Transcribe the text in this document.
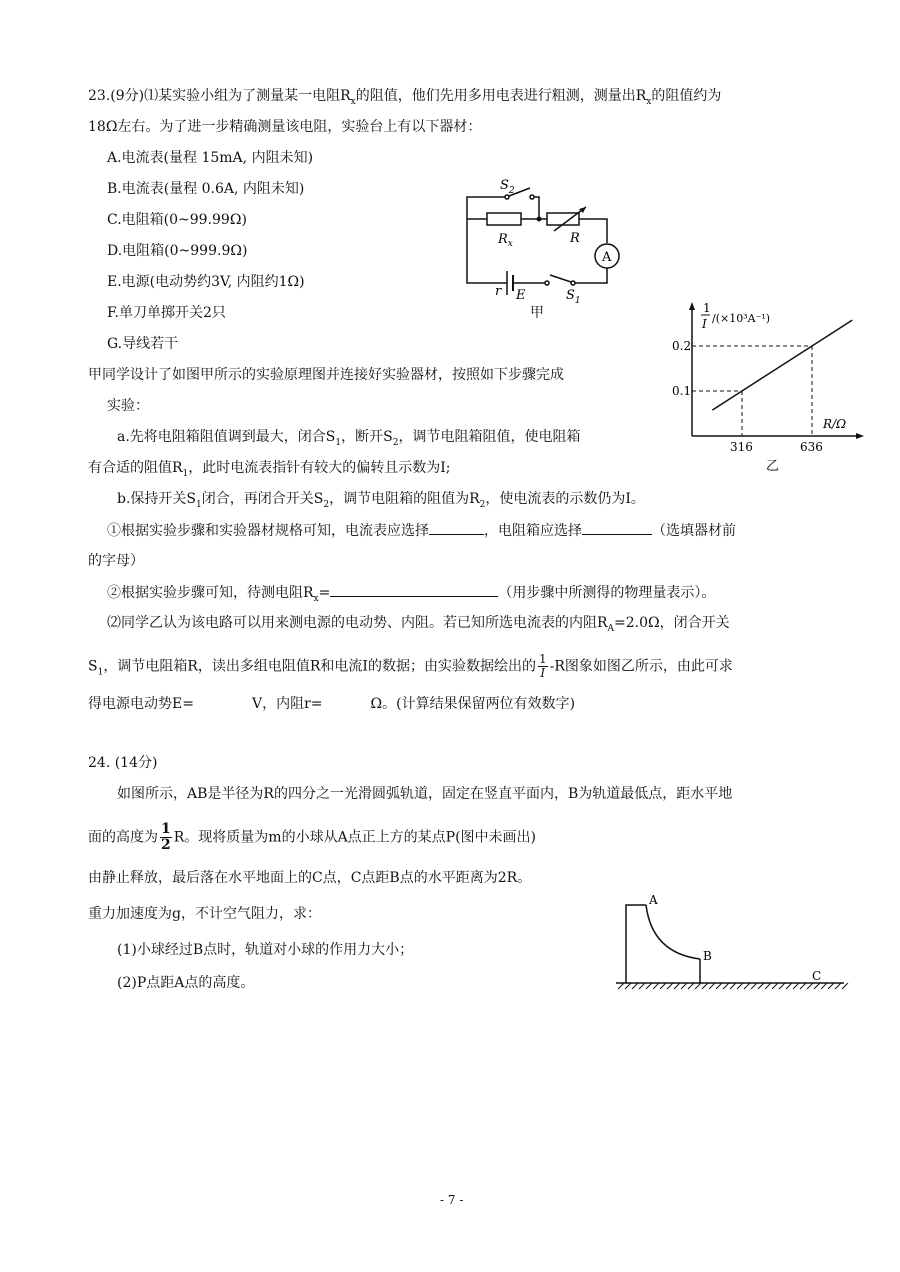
23.(9分)⑴某实验小组为了测量某一电阻$R_x$的阻值，他们先用多用电表进行粗测，测量出$R_x$的阻值约为
18Ω左右。为了进一步精确测量该电阻，实验台上有以下器材：
A.电流表(量程 15mA, 内阻未知)
B.电流表(量程 0.6A, 内阻未知)
C.电阻箱(0~99.99Ω)
D.电阻箱(0~999.9Ω)
E.电源(电动势约3V, 内阻约1Ω)
F.单刀单掷开关2只
G.导线若干
甲同学设计了如图甲所示的实验原理图并连接好实验器材，按照如下步骤完成
实验：
a.先将电阻箱阻值调到最大，闭合$S_1$，断开$S_2$，调节电阻箱阻值，使电阻箱
有合适的阻值$R_1$，此时电流表指针有较大的偏转且示数为I;
b.保持开关$S_1$闭合，再闭合开关$S_2$，调节电阻箱的阻值为$R_2$，使电流表的示数仍为I。
①根据实验步骤和实验器材规格可知，电流表应选择	，电阻箱应选择	（选填器材前
的字母）
②根据实验步骤可知，待测电阻$R_x=$	（用步骤中所测得的物理量表示）。
⑵同学乙认为该电路可以用来测电源的电动势、内阻。若已知所选电流表的内阻$R_A=2.0\Omega$，闭合开关
$S_1$，调节电阻箱R，读出多组电阻值R和电流I的数据；由实验数据绘出的 $\frac{1}{I} -R$图象如图乙所示，由此可求
得电源电动势E=	V，内阻r=	Ω。(计算结果保留两位有效数字)
$S_2$
$R_x$	R
A
r E	$S_1$
甲
316
0.1
636
0.2
1
I /(×10³A⁻¹)
R/Ω
乙
24. (14分)
如图所示，AB是半径为R的四分之一光滑圆弧轨道，固定在竖直平面内，B为轨道最低点，距水平地
面的高度为 $\frac{1}{2}$ R。现将质量为m的小球从A点正上方的某点P(图中未画出)
由静止释放，最后落在水平地面上的C点，C点距B点的水平距离为2R。
重力加速度为g，不计空气阻力，求：
(1)小球经过B点时，轨道对小球的作用力大小；
(2)P点距A点的高度。
A
B
C
- 7 -
